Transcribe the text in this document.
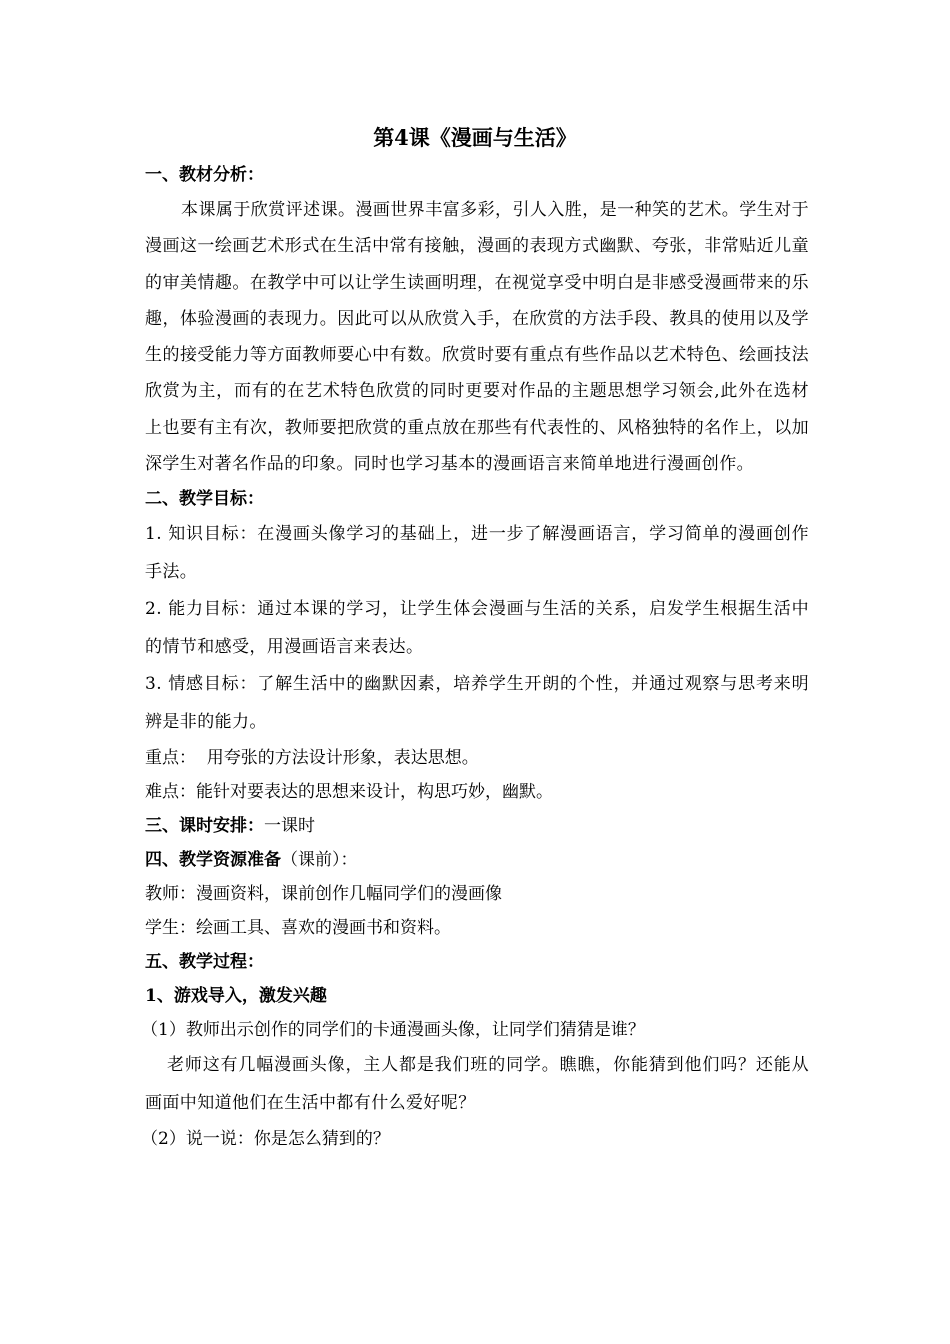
第4课《漫画与生活》
一、教材分析：
本课属于欣赏评述课。漫画世界丰富多彩，引人入胜，是一种笑的艺术。学生对于漫画这一绘画艺术形式在生活中常有接触，漫画的表现方式幽默、夸张，非常贴近儿童的审美情趣。在教学中可以让学生读画明理，在视觉享受中明白是非感受漫画带来的乐趣，体验漫画的表现力。因此可以从欣赏入手，在欣赏的方法手段、教具的使用以及学生的接受能力等方面教师要心中有数。欣赏时要有重点有些作品以艺术特色、绘画技法欣赏为主，而有的在艺术特色欣赏的同时更要对作品的主题思想学习领会,此外在选材上也要有主有次，教师要把欣赏的重点放在那些有代表性的、风格独特的名作上，以加深学生对著名作品的印象。同时也学习基本的漫画语言来简单地进行漫画创作。
二、教学目标：
1. 知识目标：在漫画头像学习的基础上，进一步了解漫画语言，学习简单的漫画创作手法。
2. 能力目标：通过本课的学习，让学生体会漫画与生活的关系，启发学生根据生活中的情节和感受，用漫画语言来表达。
3. 情感目标：了解生活中的幽默因素，培养学生开朗的个性，并通过观察与思考来明辨是非的能力。
重点：  用夸张的方法设计形象，表达思想。
难点：能针对要表达的思想来设计，构思巧妙，幽默。
三、课时安排：一课时
四、教学资源准备（课前）：
教师：漫画资料，课前创作几幅同学们的漫画像
学生：绘画工具、喜欢的漫画书和资料。
五、教学过程：
1、游戏导入，激发兴趣
（1）教师出示创作的同学们的卡通漫画头像，让同学们猜猜是谁？
老师这有几幅漫画头像，主人都是我们班的同学。瞧瞧，你能猜到他们吗？还能从画面中知道他们在生活中都有什么爱好呢？
（2）说一说：你是怎么猜到的？
